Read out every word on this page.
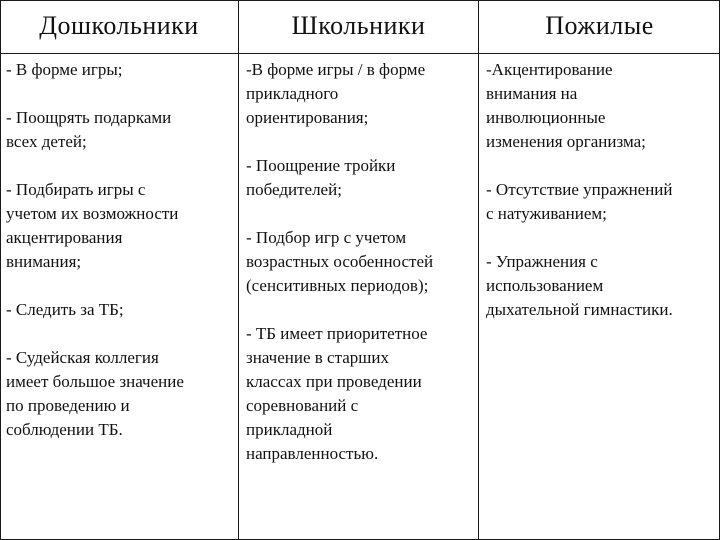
Дошкольники	Школьники	Пожилые
- В форме игры;
- Поощрять подарками
всех детей;
- Подбирать игры с
учетом их возможности
акцентирования
внимания;
- Следить за ТБ;
- Судейская коллегия
имеет большое значение
по проведению и
соблюдении ТБ.
-В форме игры / в форме
прикладного
ориентирования;
- Поощрение тройки
победителей;
- Подбор игр с учетом
возрастных особенностей
(сенситивных периодов);
- ТБ имеет приоритетное
значение в старших
классах при проведении
соревнований с
прикладной
направленностью.
-Акцентирование
внимания на
инволюционные
изменения организма;
- Отсутствие упражнений
с натуживанием;
- Упражнения с
использованием
дыхательной гимнастики.
